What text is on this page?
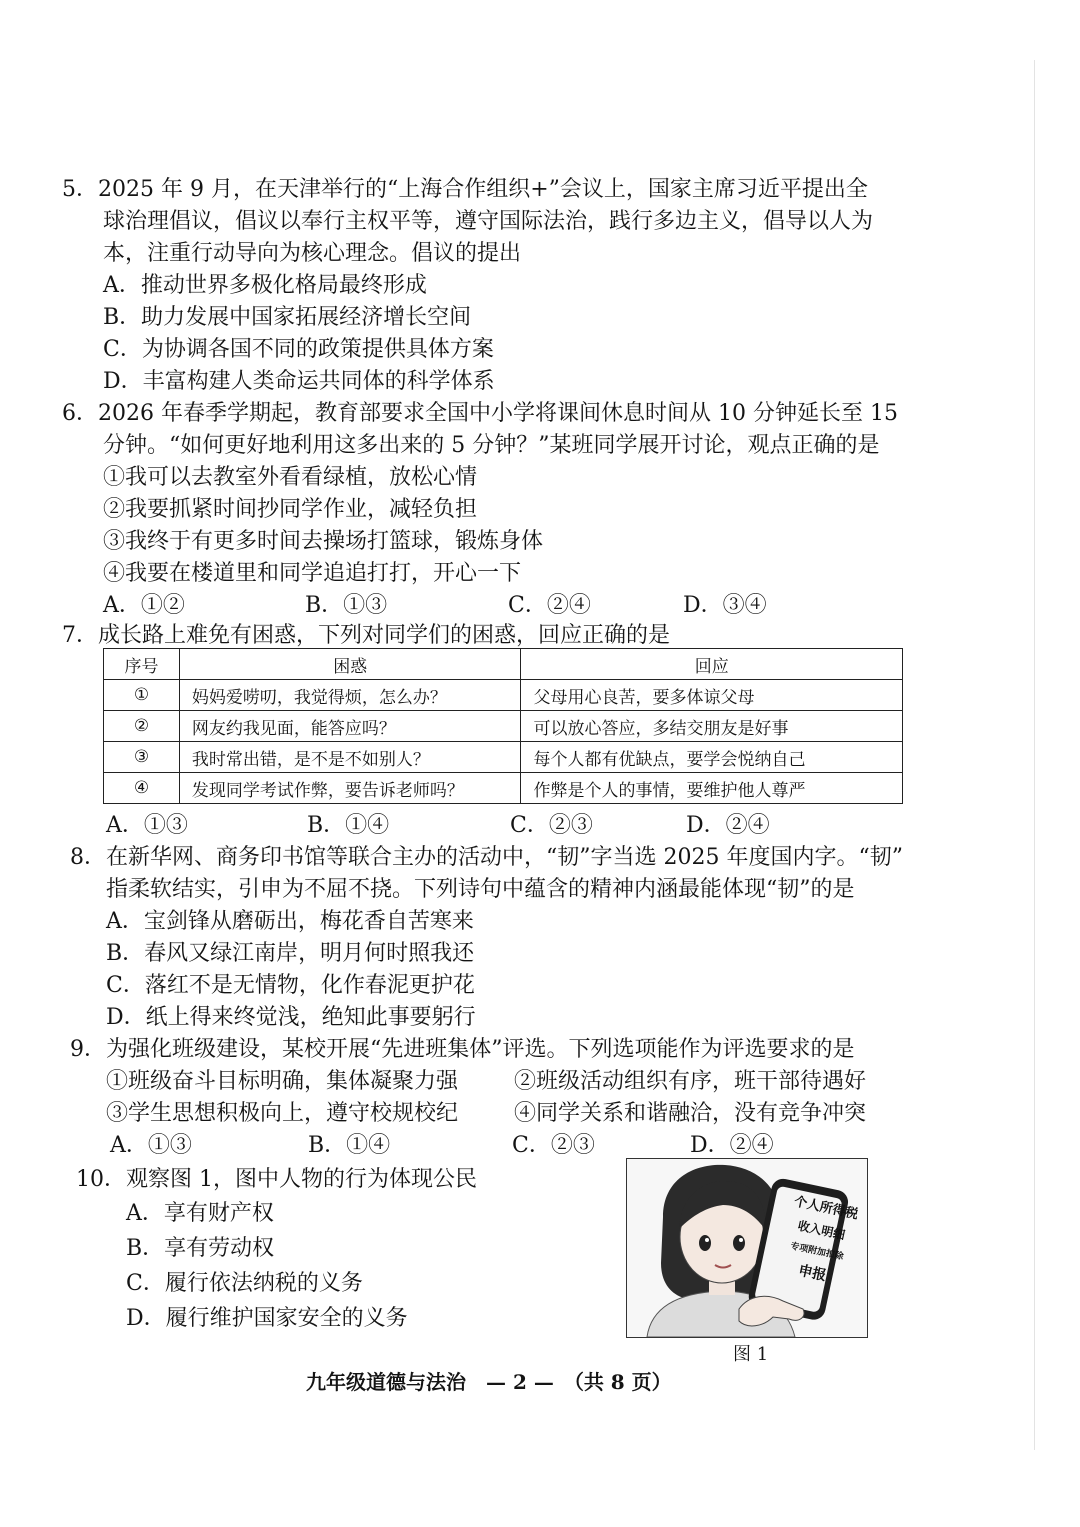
5．2025 年 9 月，在天津举行的“上海合作组织+”会议上，国家主席习近平提出全
球治理倡议，倡议以奉行主权平等，遵守国际法治，践行多边主义，倡导以人为
本，注重行动导向为核心理念。倡议的提出
A．推动世界多极化格局最终形成
B．助力发展中国家拓展经济增长空间
C．为协调各国不同的政策提供具体方案
D．丰富构建人类命运共同体的科学体系
6．2026 年春季学期起，教育部要求全国中小学将课间休息时间从 10 分钟延长至 15
分钟。“如何更好地利用这多出来的 5 分钟？”某班同学展开讨论，观点正确的是
①我可以去教室外看看绿植，放松心情
②我要抓紧时间抄同学作业，减轻负担
③我终于有更多时间去操场打篮球，锻炼身体
④我要在楼道里和同学追追打打，开心一下
A．①②	B．①③	C．②④	D．③④
7．成长路上难免有困惑，下列对同学们的困惑，回应正确的是
序号	困惑	回应
①	妈妈爱唠叨，我觉得烦，怎么办？	父母用心良苦，要多体谅父母
②	网友约我见面，能答应吗？	可以放心答应，多结交朋友是好事
③	我时常出错，是不是不如别人？	每个人都有优缺点，要学会悦纳自己
④	发现同学考试作弊，要告诉老师吗？	作弊是个人的事情，要维护他人尊严
A．①③	B．①④	C．②③	D．②④
8．在新华网、商务印书馆等联合主办的活动中，“韧”字当选 2025 年度国内字。“韧”
指柔软结实，引申为不屈不挠。下列诗句中蕴含的精神内涵最能体现“韧”的是
A．宝剑锋从磨砺出，梅花香自苦寒来
B．春风又绿江南岸，明月何时照我还
C．落红不是无情物，化作春泥更护花
D．纸上得来终觉浅，绝知此事要躬行
9．为强化班级建设，某校开展“先进班集体”评选。下列选项能作为评选要求的是
①班级奋斗目标明确，集体凝聚力强	②班级活动组织有序，班干部待遇好
③学生思想积极向上，遵守校规校纪	④同学关系和谐融洽，没有竞争冲突
A．①③	B．①④	C．②③	D．②④
10．观察图 1，图中人物的行为体现公民
A．享有财产权
B．享有劳动权
C．履行依法纳税的义务
D．履行维护国家安全的义务
个人所得税
收入明细
专项附加扣除
申报
图 1
九年级道德与法治　— 2 —　（共 8 页）
